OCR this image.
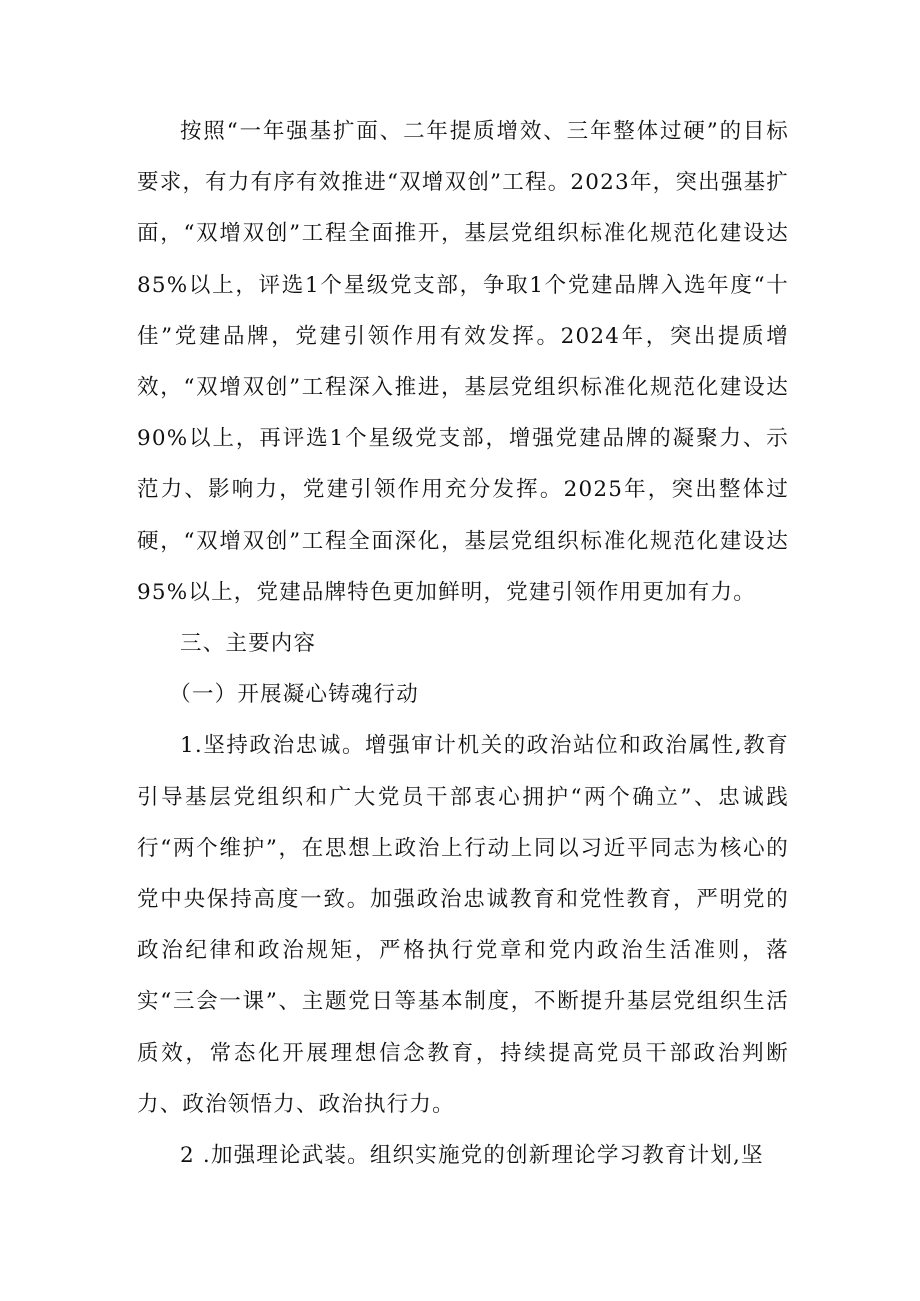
按照“一年强基扩面、二年提质增效、三年整体过硬”的目标要求，有力有序有效推进“双增双创”工程。2023年，突出强基扩面，“双增双创”工程全面推开，基层党组织标准化规范化建设达85%以上，评选1个星级党支部，争取1个党建品牌入选年度“十佳”党建品牌，党建引领作用有效发挥。2024年，突出提质增效，“双增双创”工程深入推进，基层党组织标准化规范化建设达90%以上，再评选1个星级党支部，增强党建品牌的凝聚力、示范力、影响力，党建引领作用充分发挥。2025年，突出整体过硬，“双增双创”工程全面深化，基层党组织标准化规范化建设达95%以上，党建品牌特色更加鲜明，党建引领作用更加有力。

三、主要内容

（一）开展凝心铸魂行动

1.坚持政治忠诚。增强审计机关的政治站位和政治属性,教育引导基层党组织和广大党员干部衷心拥护“两个确立”、忠诚践行“两个维护”，在思想上政治上行动上同以习近平同志为核心的党中央保持高度一致。加强政治忠诚教育和党性教育，严明党的政治纪律和政治规矩，严格执行党章和党内政治生活准则，落实“三会一课”、主题党日等基本制度，不断提升基层党组织生活质效，常态化开展理想信念教育，持续提高党员干部政治判断力、政治领悟力、政治执行力。

2 .加强理论武装。组织实施党的创新理论学习教育计划,坚
